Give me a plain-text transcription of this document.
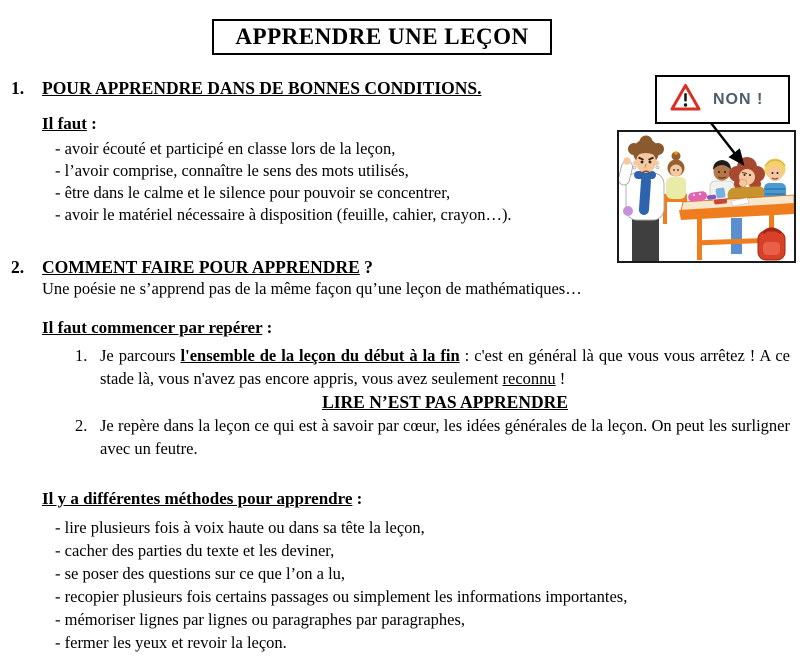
APPRENDRE UNE LEÇON
NON !
1.	POUR APPRENDRE DANS DE BONNES CONDITIONS.
Il faut :
- avoir écouté et participé en classe lors de la leçon,
- l’avoir comprise, connaître le sens des mots utilisés,
- être dans le calme et le silence pour pouvoir se concentrer,
- avoir le matériel nécessaire à disposition (feuille, cahier, crayon…).
2.	COMMENT FAIRE POUR APPRENDRE ?
Une poésie ne s’apprend pas de la même façon qu’une leçon de mathématiques…
Il faut commencer par repérer :
1. Je parcours l'ensemble de la leçon du début à la fin : c'est en général là que vous vous arrêtez ! A ce stade là, vous n'avez pas encore appris, vous avez seulement reconnu !
LIRE N’EST PAS APPRENDRE
2. Je repère dans la leçon ce qui est à savoir par cœur, les idées générales de la leçon. On peut les surligner avec un feutre.
Il y a différentes méthodes pour apprendre :
- lire plusieurs fois à voix haute ou dans sa tête la leçon,
- cacher des parties du texte et les deviner,
- se poser des questions sur ce que l’on a lu,
- recopier plusieurs fois certains passages ou simplement les informations importantes,
- mémoriser lignes par lignes ou paragraphes par paragraphes,
- fermer les yeux et revoir la leçon.
